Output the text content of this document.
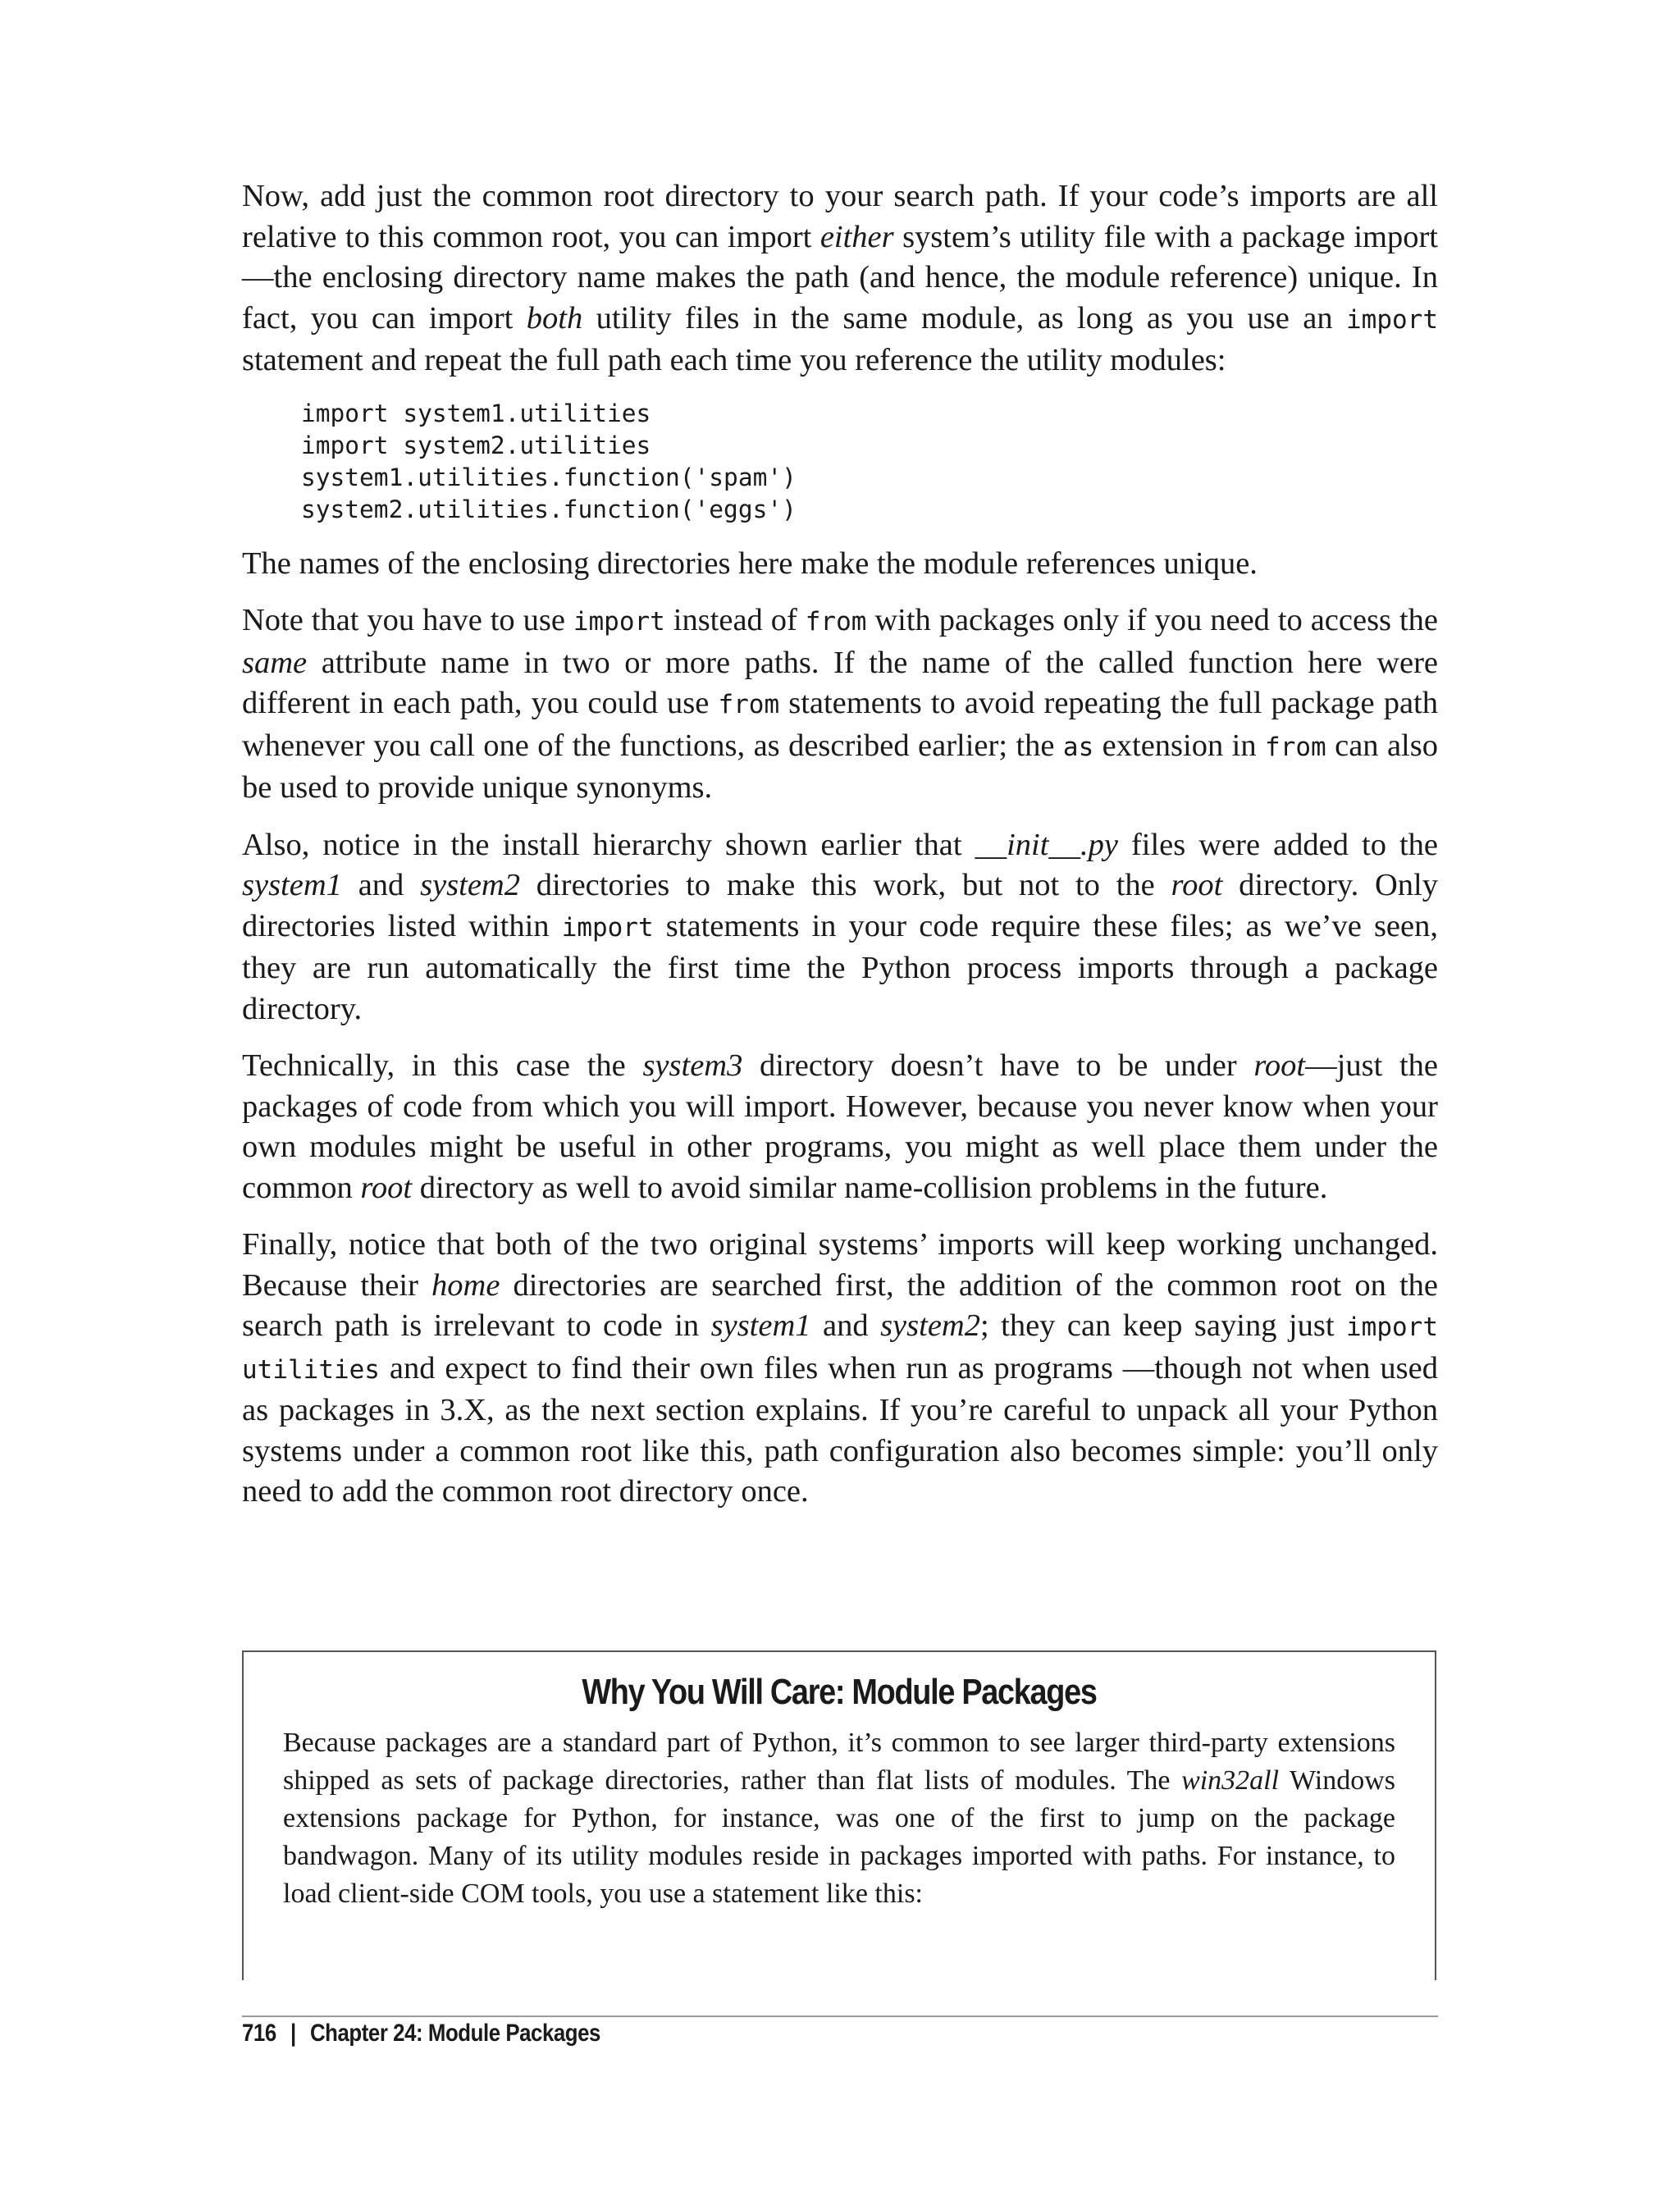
Now, add just the common root directory to your search path. If your code’s imports are all relative to this common root, you can import either system’s utility file with a package import—the enclosing directory name makes the path (and hence, the module reference) unique. In fact, you can import both utility files in the same module, as long as you use an import statement and repeat the full path each time you reference the utility modules:

import system1.utilities
import system2.utilities
system1.utilities.function('spam')
system2.utilities.function('eggs')

The names of the enclosing directories here make the module references unique.

Note that you have to use import instead of from with packages only if you need to access the same attribute name in two or more paths. If the name of the called function here were different in each path, you could use from statements to avoid repeating the full package path whenever you call one of the functions, as described earlier; the as extension in from can also be used to provide unique synonyms.

Also, notice in the install hierarchy shown earlier that __init__.py files were added to the system1 and system2 directories to make this work, but not to the root directory. Only directories listed within import statements in your code require these files; as we’ve seen, they are run automatically the first time the Python process imports through a package directory.

Technically, in this case the system3 directory doesn’t have to be under root—just the packages of code from which you will import. However, because you never know when your own modules might be useful in other programs, you might as well place them under the common root directory as well to avoid similar name-collision problems in the future.

Finally, notice that both of the two original systems’ imports will keep working unchanged. Because their home directories are searched first, the addition of the common root on the search path is irrelevant to code in system1 and system2; they can keep saying just import utilities and expect to find their own files when run as programs —though not when used as packages in 3.X, as the next section explains. If you’re careful to unpack all your Python systems under a common root like this, path configuration also becomes simple: you’ll only need to add the common root directory once.

Why You Will Care: Module Packages

Because packages are a standard part of Python, it’s common to see larger third-party extensions shipped as sets of package directories, rather than flat lists of modules. The win32all Windows extensions package for Python, for instance, was one of the first to jump on the package bandwagon. Many of its utility modules reside in packages imported with paths. For instance, to load client-side COM tools, you use a statement like this:

716 | Chapter 24: Module Packages
